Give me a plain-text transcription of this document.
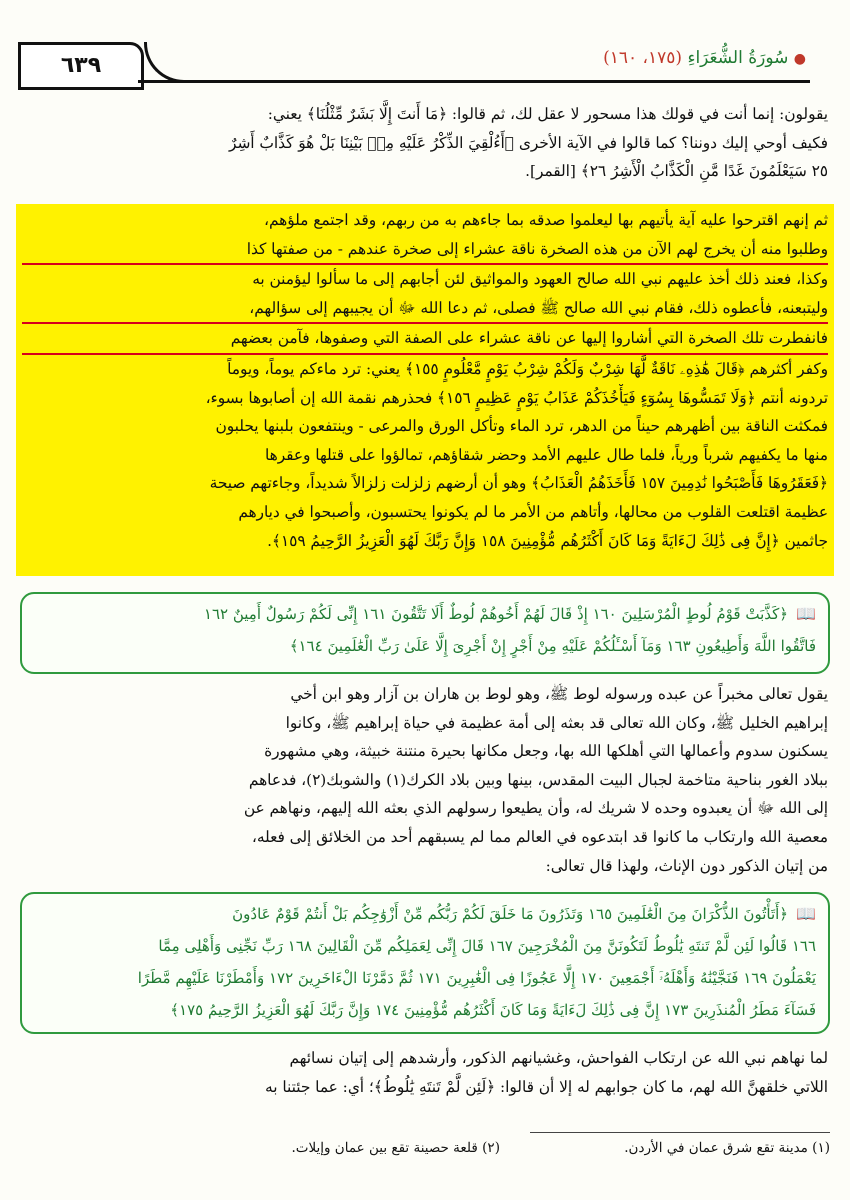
٦٣٩	● سُورَةُ الشُّعَرَاءِ (١٧٥، ١٦٠)
يقولون: إنما أنت في قولك هذا مسحور لا عقل لك، ثم قالوا: ﴿مَا أَنتَ إِلَّا بَشَرٌ مِّثْلُنَا﴾ يعني:
فكيف أوحي إليك دوننا؟ كما قالوا في الآية الأخرى ﴿أَءُلْقِيَ الذِّكْرُ عَلَيْهِ مِنۢ بَيْنِنَا بَلْ هُوَ كَذَّابٌ أَشِرٌ
٢٥ سَيَعْلَمُونَ غَدًا مَّنِ الْكَذَّابُ الْأَشِرُ ٢٦﴾ [القمر].
ثم إنهم اقترحوا عليه آية يأتيهم بها ليعلموا صدقه بما جاءهم به من ربهم، وقد اجتمع ملؤهم،
وطلبوا منه أن يخرج لهم الآن من هذه الصخرة ناقة عشراء إلى صخرة عندهم - من صفتها كذا
وكذا، فعند ذلك أخذ عليهم نبي الله صالح العهود والمواثيق لئن أجابهم إلى ما سألوا ليؤمنن به
وليتبعنه، فأعطوه ذلك، فقام نبي الله صالح ﷺ فصلى، ثم دعا الله ﷻ أن يجيبهم إلى سؤالهم،
فانفطرت تلك الصخرة التي أشاروا إليها عن ناقة عشراء على الصفة التي وصفوها، فآمن بعضهم
وكفر أكثرهم ﴿قَالَ هَٰذِهِۦ نَاقَةٌ لَّهَا شِرْبٌ وَلَكُمْ شِرْبُ يَوْمٍ مَّعْلُومٍ ١٥٥﴾ يعني: ترد ماءكم يوماً، ويوماً
تردونه أنتم ﴿وَلَا تَمَسُّوهَا بِسُوٓءٍ فَيَأْخُذَكُمْ عَذَابُ يَوْمٍ عَظِيمٍ ١٥٦﴾ فحذرهم نقمة الله إن أصابوها بسوء،
فمكثت الناقة بين أظهرهم حيناً من الدهر، ترد الماء وتأكل الورق والمرعى - وينتفعون بلبنها يحلبون
منها ما يكفيهم شرباً ورياً، فلما طال عليهم الأمد وحضر شقاؤهم، تمالؤوا على قتلها وعقرها
﴿فَعَقَرُوهَا فَأَصْبَحُوا نَٰدِمِينَ ١٥٧ فَأَخَذَهُمُ الْعَذَابُ﴾ وهو أن أرضهم زلزلت زلزالاً شديداً، وجاءتهم صيحة
عظيمة اقتلعت القلوب من محالها، وأتاهم من الأمر ما لم يكونوا يحتسبون، وأصبحوا في ديارهم
جاثمين ﴿إِنَّ فِى ذَٰلِكَ لَءَايَةً وَمَا كَانَ أَكْثَرُهُم مُّؤْمِنِينَ ١٥٨ وَإِنَّ رَبَّكَ لَهُوَ الْعَزِيزُ الرَّحِيمُ ١٥٩﴾.
📖﴿كَذَّبَتْ قَوْمُ لُوطٍ الْمُرْسَلِينَ ١٦٠ إِذْ قَالَ لَهُمْ أَخُوهُمْ لُوطٌ أَلَا تَتَّقُونَ ١٦١ إِنِّى لَكُمْ رَسُولٌ أَمِينٌ ١٦٢
فَاتَّقُوا اللَّهَ وَأَطِيعُونِ ١٦٣ وَمَآ أَسْـَٔلُكُمْ عَلَيْهِ مِنْ أَجْرٍ إِنْ أَجْرِىَ إِلَّا عَلَىٰ رَبِّ الْعَٰلَمِينَ ١٦٤﴾
يقول تعالى مخبراً عن عبده ورسوله لوط ﷺ، وهو لوط بن هاران بن آزار وهو ابن أخي
إبراهيم الخليل ﷺ، وكان الله تعالى قد بعثه إلى أمة عظيمة في حياة إبراهيم ﷺ، وكانوا
يسكنون سدوم وأعمالها التي أهلكها الله بها، وجعل مكانها بحيرة منتنة خبيثة، وهي مشهورة
ببلاد الغور بناحية متاخمة لجبال البيت المقدس، بينها وبين بلاد الكرك(١) والشوبك(٢)، فدعاهم
إلى الله ﷻ أن يعبدوه وحده لا شريك له، وأن يطيعوا رسولهم الذي بعثه الله إليهم، ونهاهم عن
معصية الله وارتكاب ما كانوا قد ابتدعوه في العالم مما لم يسبقهم أحد من الخلائق إلى فعله،
من إتيان الذكور دون الإناث، ولهذا قال تعالى:
📖﴿أَتَأْتُونَ الذُّكْرَانَ مِنَ الْعَٰلَمِينَ ١٦٥ وَتَذَرُونَ مَا خَلَقَ لَكُمْ رَبُّكُم مِّنْ أَزْوَٰجِكُم بَلْ أَنتُمْ قَوْمٌ عَادُونَ
١٦٦ قَالُوا لَئِن لَّمْ تَنتَهِ يَٰلُوطُ لَتَكُونَنَّ مِنَ الْمُخْرَجِينَ ١٦٧ قَالَ إِنِّى لِعَمَلِكُم مِّنَ الْقَالِينَ ١٦٨ رَبِّ نَجِّنِى وَأَهْلِى مِمَّا
يَعْمَلُونَ ١٦٩ فَنَجَّيْنَٰهُ وَأَهْلَهُۥٓ أَجْمَعِينَ ١٧٠ إِلَّا عَجُوزًا فِى الْغَٰبِرِينَ ١٧١ ثُمَّ دَمَّرْنَا الْءَاخَرِينَ ١٧٢ وَأَمْطَرْنَا عَلَيْهِم مَّطَرًا
فَسَآءَ مَطَرُ الْمُنذَرِينَ ١٧٣ إِنَّ فِى ذَٰلِكَ لَءَايَةً وَمَا كَانَ أَكْثَرُهُم مُّؤْمِنِينَ ١٧٤ وَإِنَّ رَبَّكَ لَهُوَ الْعَزِيزُ الرَّحِيمُ ١٧٥﴾
لما نهاهم نبي الله عن ارتكاب الفواحش، وغشيانهم الذكور، وأرشدهم إلى إتيان نسائهم
اللاتي خلقهنَّ الله لهم، ما كان جوابهم له إلا أن قالوا: ﴿لَئِن لَّمْ تَنتَهِ يَٰلُوطُ﴾؛ أي: عما جئتنا به
(١) مدينة تقع شرق عمان في الأردن. (٢) قلعة حصينة تقع بين عمان وإيلات.
